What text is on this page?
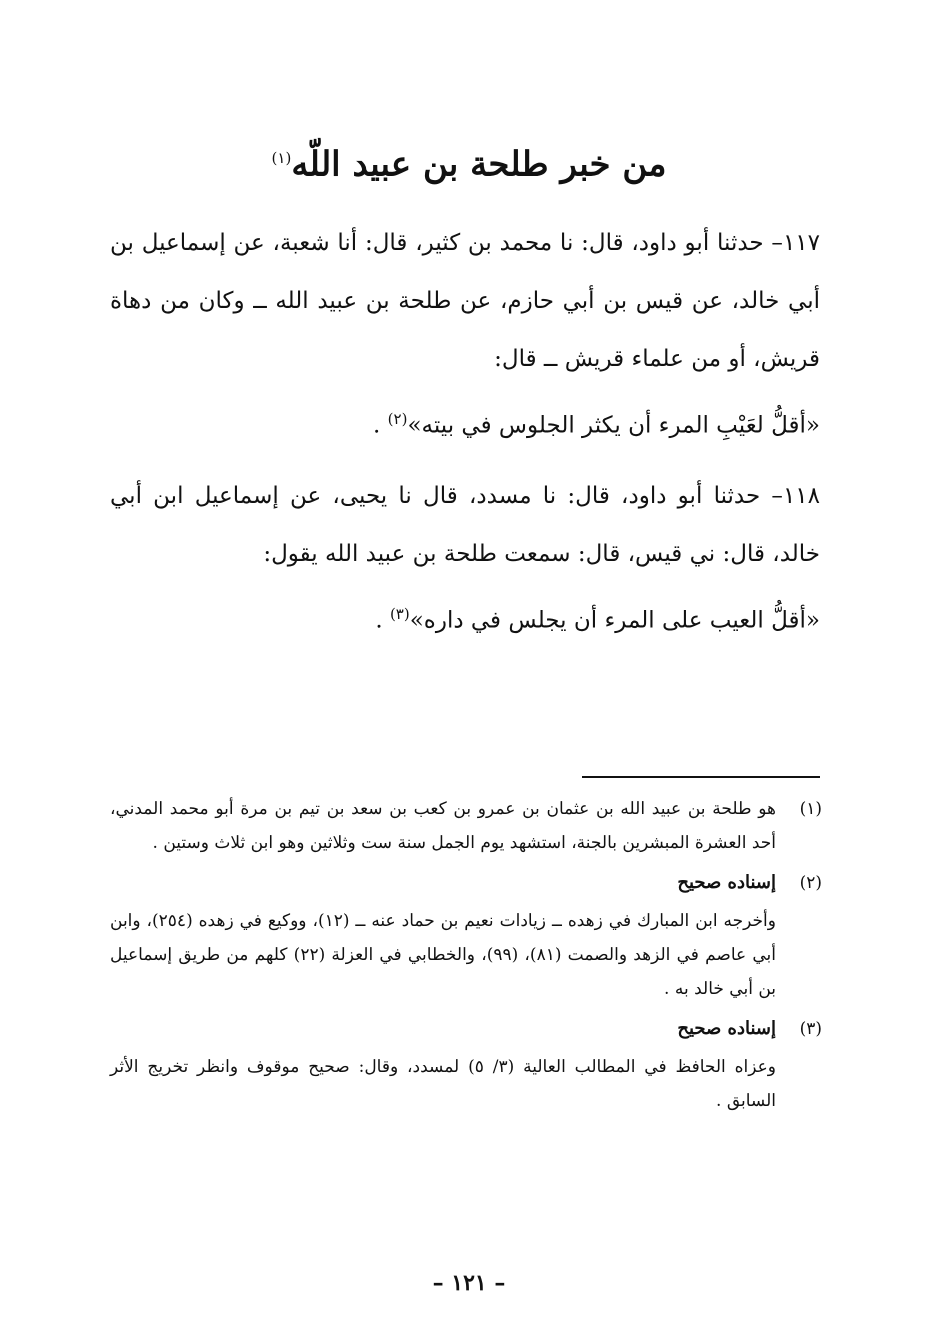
من خبر طلحة بن عبيد اللّه$^{(١)}$

١١٧– حدثنا أبو داود، قال: نا محمد بن كثير، قال: أنا شعبة، عن إسماعيل بن أبي خالد، عن قيس بن أبي حازم، عن طلحة بن عبيد الله ــ وكان من دهاة قريش، أو من علماء قريش ــ قال:

«أقلُّ لعَيْبِ المرء أن يكثر الجلوس في بيته»$^{(٢)}$ .

١١٨– حدثنا أبو داود، قال: نا مسدد، قال نا يحيى، عن إسماعيل ابن أبي خالد، قال: ني قيس، قال: سمعت طلحة بن عبيد الله يقول:

«أقلُّ العيب على المرء أن يجلس في داره»$^{(٣)}$ .

(١)
هو طلحة بن عبيد الله بن عثمان بن عمرو بن كعب بن سعد بن تيم بن مرة أبو محمد المدني، أحد العشرة المبشرين بالجنة، استشهد يوم الجمل سنة ست وثلاثين وهو ابن ثلاث وستين .
(٢)
إسناده صحيح

وأخرجه ابن المبارك في زهده ــ زيادات نعيم بن حماد عنه ــ (١٢)، ووكيع في زهده (٢٥٤)، وابن أبي عاصم في الزهد والصمت (٨١)، (٩٩)، والخطابي في العزلة (٢٢) كلهم من طريق إسماعيل بن أبي خالد به .

(٣)
إسناده صحيح

وعزاه الحافظ في المطالب العالية (٣/ ٥) لمسدد، وقال: صحيح موقوف وانظر تخريج الأثر السابق .

– ١٢١ –
